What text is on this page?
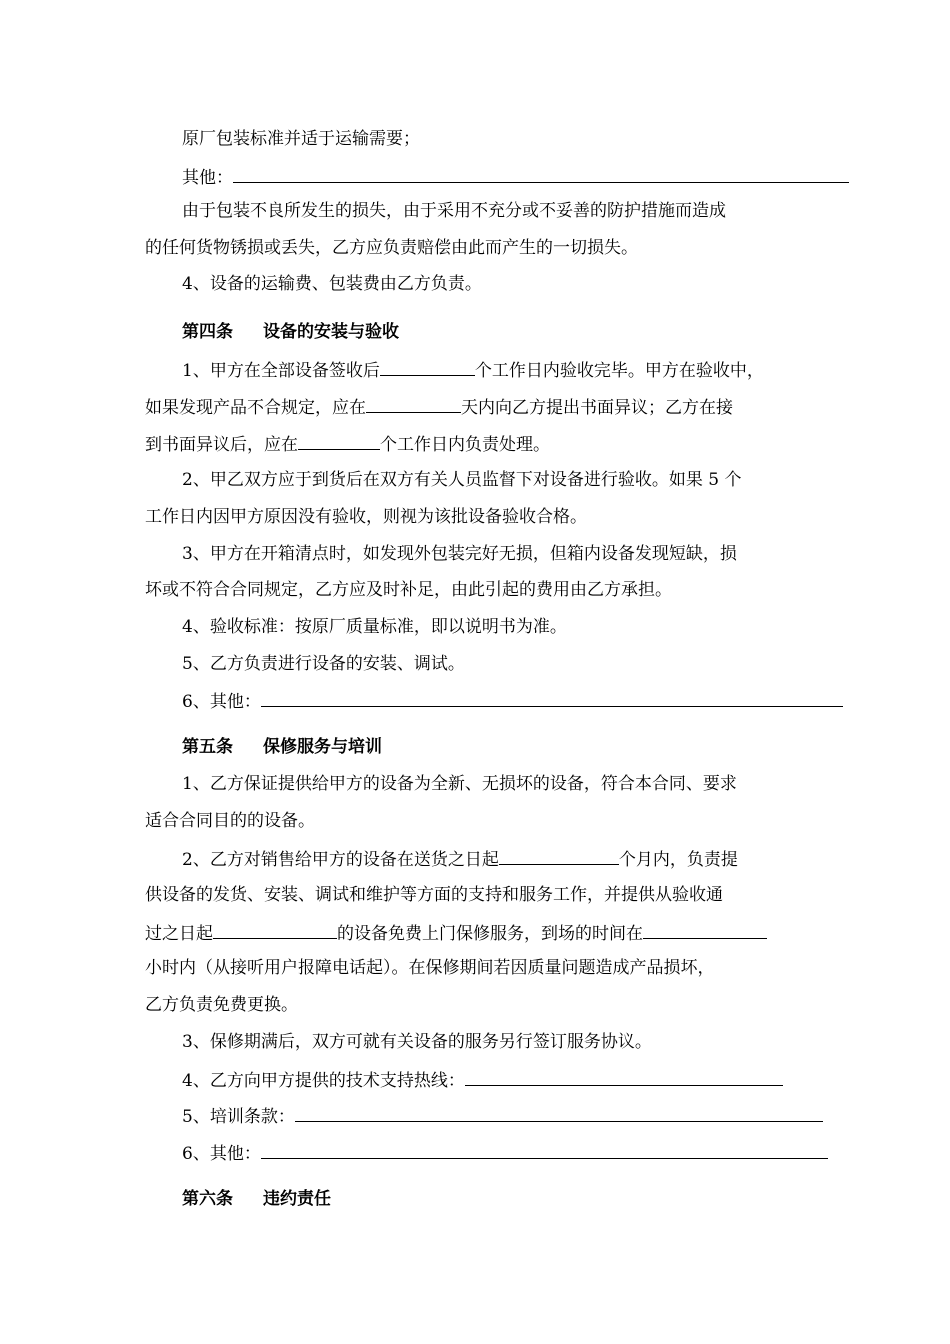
原厂包装标准并适于运输需要；
其他：
由于包装不良所发生的损失，由于采用不充分或不妥善的防护措施而造成
的任何货物锈损或丢失，乙方应负责赔偿由此而产生的一切损失。
4、设备的运输费、包装费由乙方负责。
第四条 设备的安装与验收
1、甲方在全部设备签收后	个工作日内验收完毕。甲方在验收中，
如果发现产品不合规定，应在	天内向乙方提出书面异议；乙方在接
到书面异议后，应在	个工作日内负责处理。
2、甲乙双方应于到货后在双方有关人员监督下对设备进行验收。如果 5 个
工作日内因甲方原因没有验收，则视为该批设备验收合格。
3、甲方在开箱清点时，如发现外包装完好无损，但箱内设备发现短缺，损
坏或不符合合同规定，乙方应及时补足，由此引起的费用由乙方承担。
4、验收标准：按原厂质量标准，即以说明书为准。
5、乙方负责进行设备的安装、调试。
6、其他：
第五条 保修服务与培训
1、乙方保证提供给甲方的设备为全新、无损坏的设备，符合本合同、要求
适合合同目的的设备。
2、乙方对销售给甲方的设备在送货之日起	个月内，负责提
供设备的发货、安装、调试和维护等方面的支持和服务工作，并提供从验收通
过之日起	的设备免费上门保修服务，到场的时间在
小时内（从接听用户报障电话起）。在保修期间若因质量问题造成产品损坏，
乙方负责免费更换。
3、保修期满后，双方可就有关设备的服务另行签订服务协议。
4、乙方向甲方提供的技术支持热线：
5、培训条款：
6、其他：
第六条 违约责任
